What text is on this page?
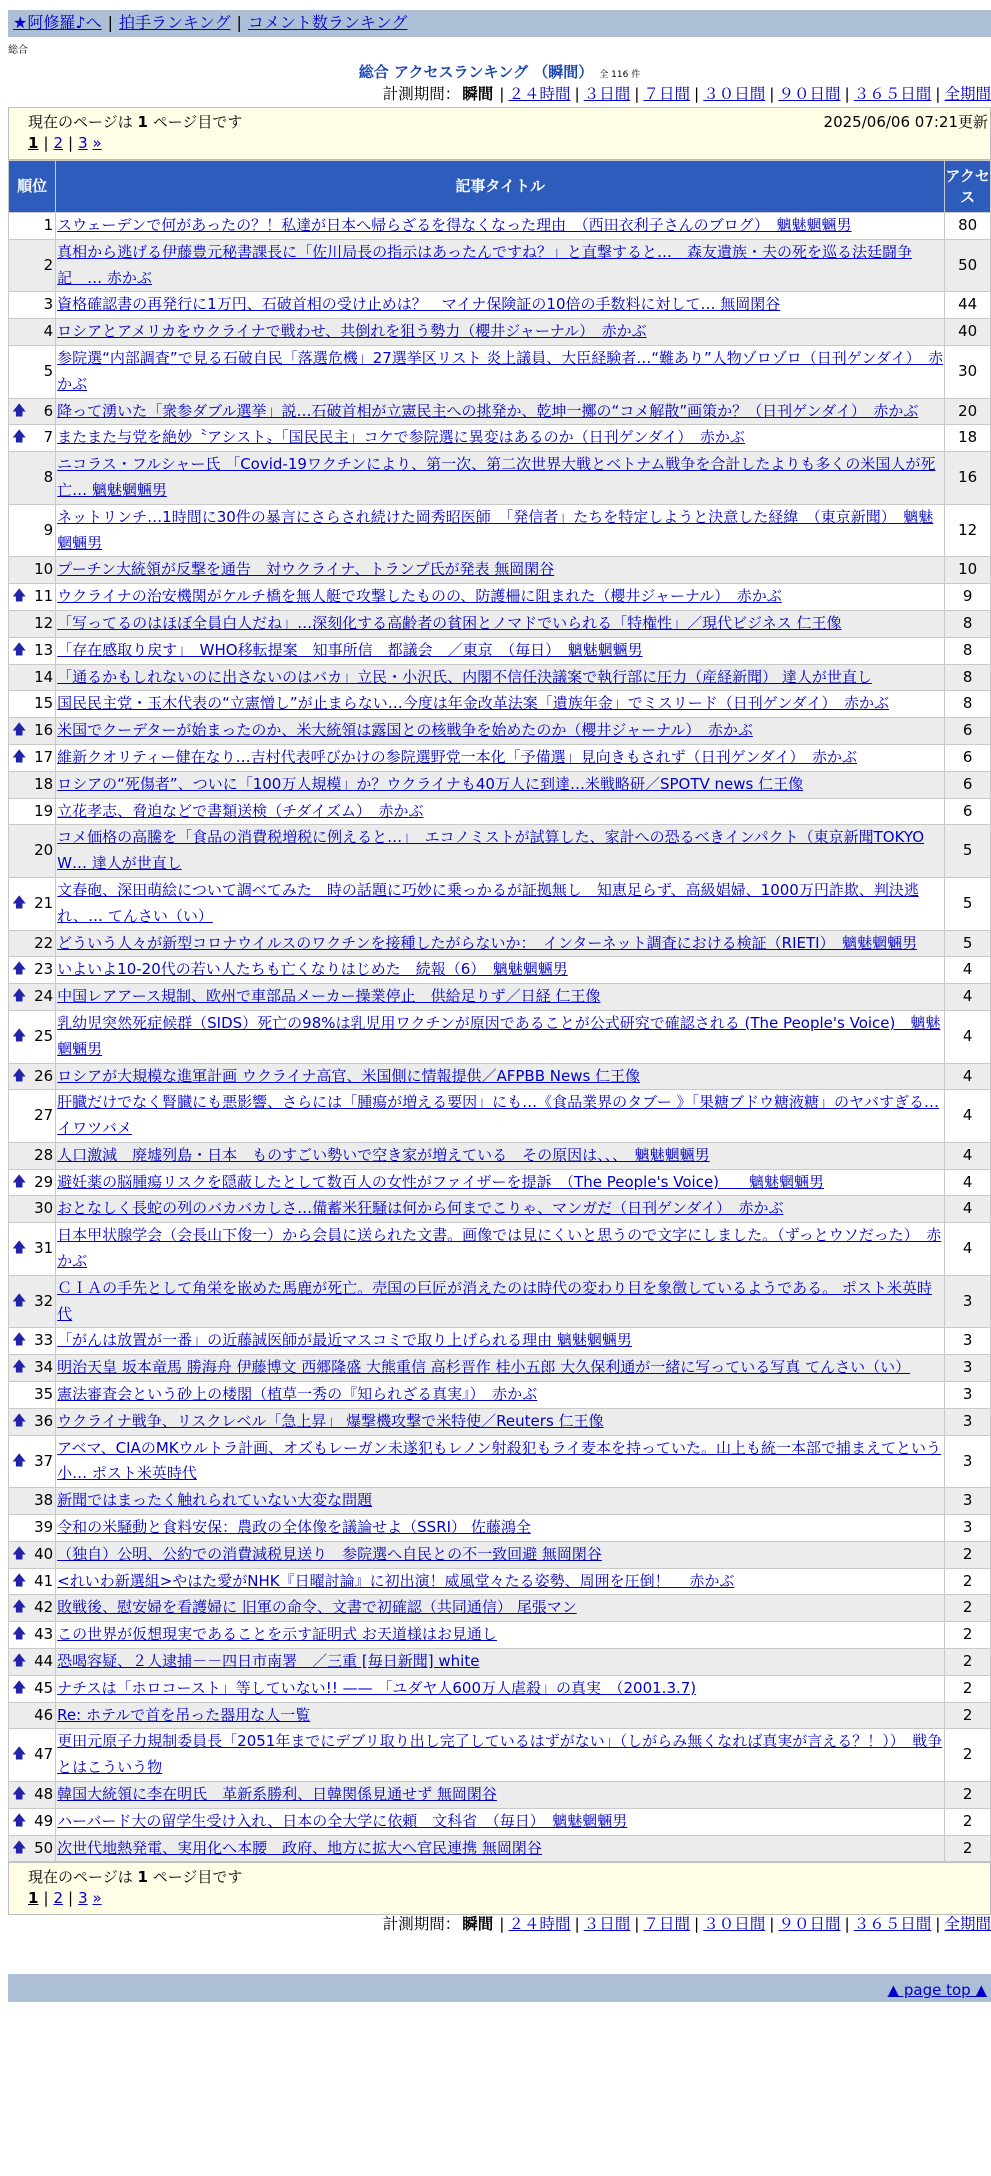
★阿修羅♪へ | 拍手ランキング | コメント数ランキング
総合
総合 アクセスランキング （瞬間） 全 116 件
計測期間： 瞬間 | ２４時間 | ３日間 | ７日間 | ３０日間 | ９０日間 | ３６５日間 | 全期間
現在のページは 1 ページ目です	2025/06/06 07:21更新
1 | 2 | 3 »
順位	記事タイトル	アクセス
1	スウェーデンで何があったの？！私達が日本へ帰らざるを得なくなった理由　（西田衣利子さんのブログ）　魑魅魍魎男	80
2	真相から逃げる伊藤豊元秘書課長に「佐川局長の指示はあったんですね？」と直撃すると…　森友遺族・夫の死を巡る法廷闘争記　… 赤かぶ	50
3	資格確認書の再発行に1万円、石破首相の受け止めは？　マイナ保険証の10倍の手数料に対して… 無岡閑谷	44
4	ロシアとアメリカをウクライナで戦わせ、共倒れを狙う勢力（櫻井ジャーナル）　赤かぶ	40
5	参院選“内部調査”で見る石破自民「落選危機」27選挙区リスト 炎上議員、大臣経験者…“難あり”人物ゾロゾロ（日刊ゲンダイ）　赤かぶ	30

🡅 6	降って湧いた「衆参ダブル選挙」説…石破首相が立憲民主への挑発か、乾坤一擲の“コメ解散”画策か？（日刊ゲンダイ）　赤かぶ	20

🡅 7	またまた与党を絶妙〝アシスト〟「国民民主」コケで参院選に異変はあるのか（日刊ゲンダイ）　赤かぶ	18
8	ニコラス・フルシャー氏 「Covid-19ワクチンにより、第一次、第二次世界大戦とベトナム戦争を合計したよりも多くの米国人が死亡… 魑魅魍魎男	16
9	ネットリンチ…1時間に30件の暴言にさらされ続けた岡秀昭医師　「発信者」たちを特定しようと決意した経緯　（東京新聞）　魑魅魍魎男	12
10	プーチン大統領が反撃を通告　対ウクライナ、トランプ氏が発表 無岡閑谷	10

🡅 11	ウクライナの治安機関がケルチ橋を無人艇で攻撃したものの、防護柵に阻まれた（櫻井ジャーナル）　赤かぶ	9
12	「写ってるのはほぼ全員白人だね」…深刻化する高齢者の貧困とノマドでいられる「特権性」／現代ビジネス 仁王像	8

🡅 13	「存在感取り戻す」　WHO移転提案　知事所信　都議会　／東京　（毎日）　魑魅魍魎男	8
14	「通るかもしれないのに出さないのはバカ」立民・小沢氏、内閣不信任決議案で執行部に圧力（産経新聞） 達人が世直し	8
15	国民民主党・玉木代表の“立憲憎し”が止まらない…今度は年金改革法案「遺族年金」でミスリード（日刊ゲンダイ）　赤かぶ	8

🡅 16	米国でクーデターが始まったのか、米大統領は露国との核戦争を始めたのか（櫻井ジャーナル）　赤かぶ	6

🡅 17	維新クオリティー健在なり…吉村代表呼びかけの参院選野党一本化「予備選」見向きもされず（日刊ゲンダイ）　赤かぶ	6
18	ロシアの“死傷者”、ついに「100万人規模」か？ウクライナも40万人に到達…米戦略研／SPOTV news 仁王像	6
19	立花孝志、脅迫などで書類送検（チダイズム）　赤かぶ	6
20	コメ価格の高騰を「食品の消費税増税に例えると…」　エコノミストが試算した、家計への恐るべきインパクト（東京新聞TOKYO W… 達人が世直し	5

🡅 21	文春砲、深田萌絵について調べてみた　時の話題に巧妙に乗っかるが証拠無し　知恵足らず、高級娼婦、1000万円詐欺、判決逃れ、… てんさい（い）	5
22	どういう人々が新型コロナウイルスのワクチンを接種したがらないか：　インターネット調査における検証（RIETI）　魑魅魍魎男	5

🡅 23	いよいよ10-20代の若い人たちも亡くなりはじめた　続報（6）　魑魅魍魎男	4

🡅 24	中国レアアース規制、欧州で車部品メーカー操業停止　供給足りず／日経 仁王像	4

🡅 25	乳幼児突然死症候群（SIDS）死亡の98%は乳児用ワクチンが原因であることが公式研究で確認される (The People's Voice)　魑魅魍魎男	4

🡅 26	ロシアが大規模な進軍計画 ウクライナ高官、米国側に情報提供／AFPBB News 仁王像	4
27	肝臓だけでなく腎臓にも悪影響、さらには「腫瘍が増える要因」にも…《食品業界のタブー 》「果糖ブドウ糖液糖」のヤバすぎる… イワツバメ	4
28	人口激減　廃墟列島・日本　ものすごい勢いで空き家が増えている　その原因は、、、　魑魅魍魎男	4

🡅 29	避妊薬の脳腫瘍リスクを隠蔽したとして数百人の女性がファイザーを提訴　（The People's Voice)　　魑魅魍魎男	4
30	おとなしく長蛇の列のバカバカしさ…備蓄米狂騒は何から何までこりゃ、マンガだ（日刊ゲンダイ）　赤かぶ	4

🡅 31	日本甲状腺学会（会長山下俊一）から会員に送られた文書。画像では見にくいと思うので文字にしました。（ずっとウソだった）　赤かぶ	4

🡅 32	ＣＩＡの手先として角栄を嵌めた馬鹿が死亡。売国の巨匠が消えたのは時代の変わり目を象徴しているようである。 ポスト米英時代	3

🡅 33	「がんは放置が一番」の近藤誠医師が最近マスコミで取り上げられる理由 魑魅魍魎男	3

🡅 34	明治天皇 坂本竜馬 勝海舟 伊藤博文 西郷隆盛 大熊重信 高杉晋作 桂小五郎 大久保利通が一緒に写っている写真 てんさい（い）	3
35	憲法審査会という砂上の楼閣（植草一秀の『知られざる真実』）　赤かぶ	3

🡅 36	ウクライナ戦争、リスクレベル「急上昇」 爆撃機攻撃で米特使／Reuters 仁王像	3

🡅 37	アベマ、CIAのMKウルトラ計画、オズもレーガン未遂犯もレノン射殺犯もライ麦本を持っていた。山上も統一本部で捕まえてという小… ポスト米英時代	3
38	新聞ではまったく触れられていない大変な問題	3
39	令和の米騒動と食料安保：農政の全体像を議論せよ（SSRI） 佐藤鴻全	3

🡅 40	（独自）公明、公約での消費減税見送り　参院選へ自民との不一致回避 無岡閑谷	2

🡅 41	<れいわ新選組>やはた愛がNHK『日曜討論』に初出演！威風堂々たる姿勢、周囲を圧倒！　 赤かぶ	2

🡅 42	敗戦後、慰安婦を看護婦に 旧軍の命令、文書で初確認（共同通信） 尾張マン	2

🡅 43	この世界が仮想現実であることを示す証明式 お天道様はお見通し	2

🡅 44	恐喝容疑、２人逮捕－－四日市南署　／三重 [毎日新聞] white	2

🡅 45	ナチスは「ホロコースト」等していない!! —— 「ユダヤ人600万人虐殺」の真実　（2001.3.7)	2
46	Re: ホテルで首を吊った器用な人一覧	2

🡅 47	更田元原子力規制委員長「2051年までにデブリ取り出し完了しているはずがない」（しがらみ無くなれば真実が言える？！））　戦争とはこういう物	2

🡅 48	韓国大統領に李在明氏　革新系勝利、日韓関係見通せず 無岡閑谷	2

🡅 49	ハーバード大の留学生受け入れ、日本の全大学に依頼　文科省　（毎日）　魑魅魍魎男	2

🡅 50	次世代地熱発電、実用化へ本腰　政府、地方に拡大へ官民連携 無岡閑谷	2
現在のページは 1 ページ目です
1 | 2 | 3 »
計測期間： 瞬間 | ２４時間 | ３日間 | ７日間 | ３０日間 | ９０日間 | ３６５日間 | 全期間
▲ page top ▲
